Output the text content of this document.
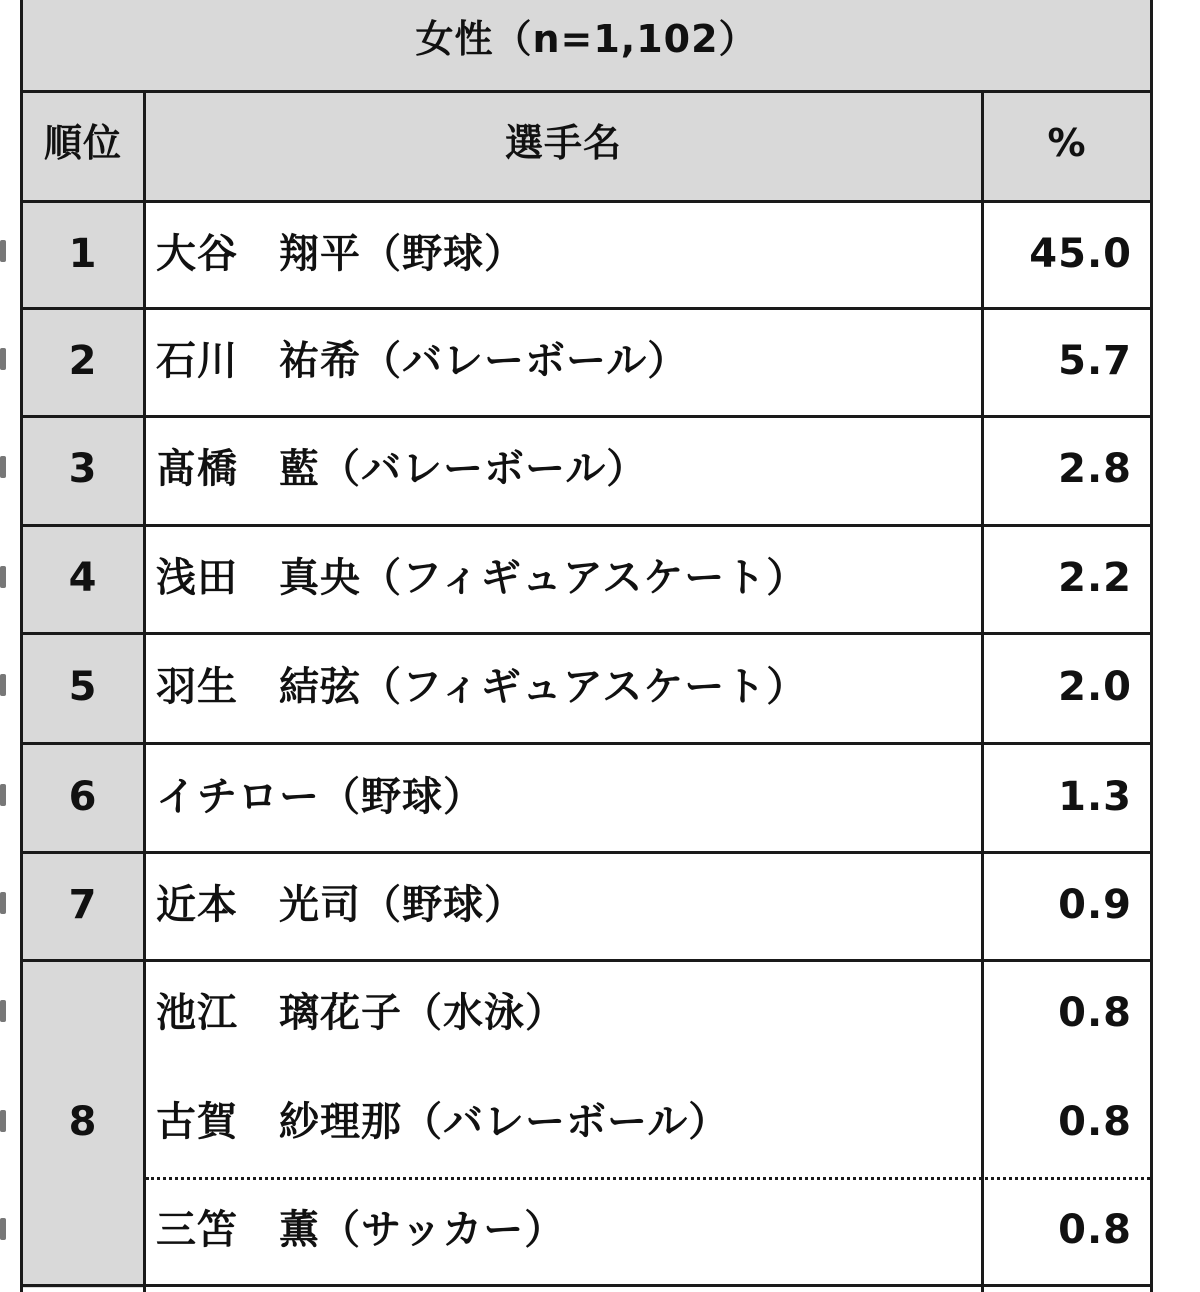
女性（n=1,102）
順位	選手名	%
1	大谷　翔平（野球）	45.0
2	石川　祐希（バレーボール）	5.7
3	髙橋　藍（バレーボール）	2.8
4	浅田　真央（フィギュアスケート）	2.2
5	羽生　結弦（フィギュアスケート）	2.0
6	イチロー（野球）	1.3
7	近本　光司（野球）	0.9
8
池江　璃花子（水泳）	0.8
古賀　紗理那（バレーボール）	0.8
三笘　薫（サッカー）	0.8
